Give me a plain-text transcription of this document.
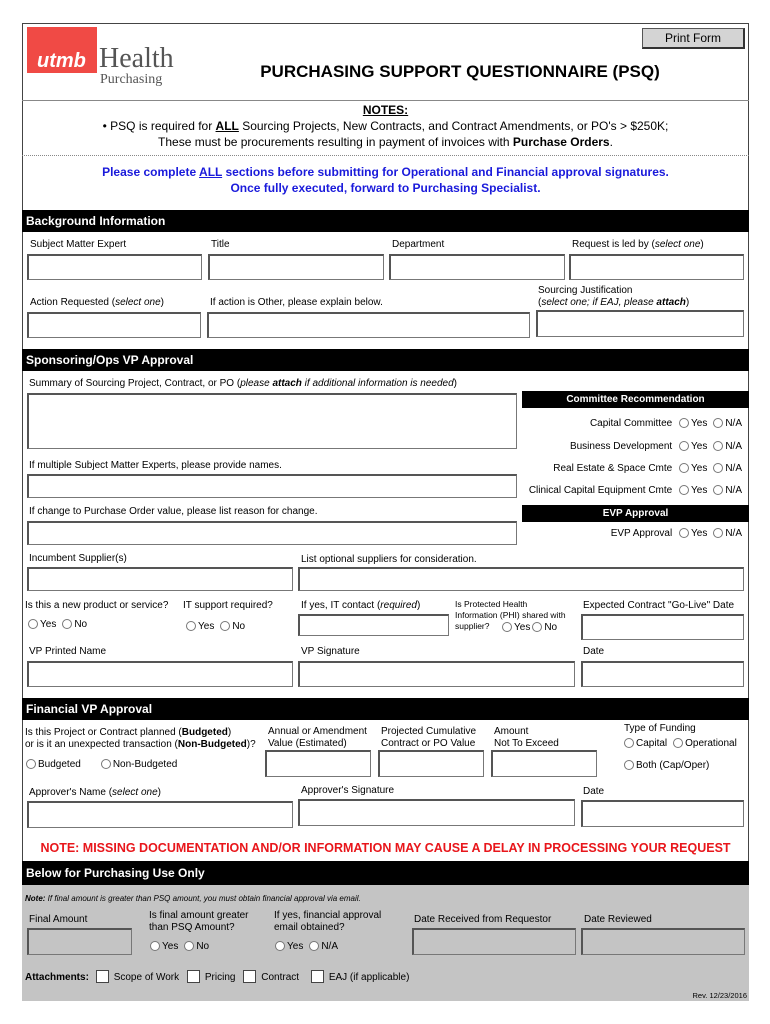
utmb Health
Purchasing
Print Form
PURCHASING SUPPORT QUESTIONNAIRE (PSQ)
NOTES:
• PSQ is required for ALL Sourcing Projects, New Contracts, and Contract Amendments, or PO's > $250K;
These must be procurements resulting in payment of invoices with Purchase Orders.
Please complete ALL sections before submitting for Operational and Financial approval signatures.
Once fully executed, forward to Purchasing Specialist.
Background Information
Subject Matter Expert	Title	Department	Request is led by (select one)
Action Requested (select one)	If action is Other, please explain below.
Sourcing Justification
(select one; if EAJ, please attach)
Sponsoring/Ops VP Approval
Summary of Sourcing Project, Contract, or PO (please attach if additional information is needed)
Committee Recommendation
Capital Committee Yes N/A
Business Development Yes N/A
Real Estate & Space Cmte Yes N/A
Clinical Capital Equipment Cmte Yes N/A
If multiple Subject Matter Experts, please provide names.
If change to Purchase Order value, please list reason for change.	EVP Approval
EVP Approval Yes N/A
Incumbent Supplier(s)	List optional suppliers for consideration.
Is this a new product or service?
Yes No
IT support required?
Yes No
If yes, IT contact (required)	Is Protected Health
Information (PHI) shared with
supplier?	Yes No
Expected Contract "Go-Live" Date
VP Printed Name	VP Signature	Date
Financial VP Approval
Is this Project or Contract planned (Budgeted)
or is it an unexpected transaction (Non-Budgeted)?
Budgeted	Non-Budgeted
Annual or Amendment
Value (Estimated)
Projected Cumulative
Contract or PO Value
Amount
Not To Exceed
Type of Funding
Capital Operational
Both (Cap/Oper)
Approver's Name (select one)	Approver's Signature	Date
NOTE: MISSING DOCUMENTATION AND/OR INFORMATION MAY CAUSE A DELAY IN PROCESSING YOUR REQUEST
Below for Purchasing Use Only
Note: If final amount is greater than PSQ amount, you must obtain financial approval via email.
Final Amount	Is final amount greater
than PSQ Amount?
Yes No
If yes, financial approval
email obtained?
Yes N/A
Date Received from Requestor	Date Reviewed
Attachments: Scope of Work	Pricing	Contract	EAJ (if applicable)
Rev. 12/23/2016
